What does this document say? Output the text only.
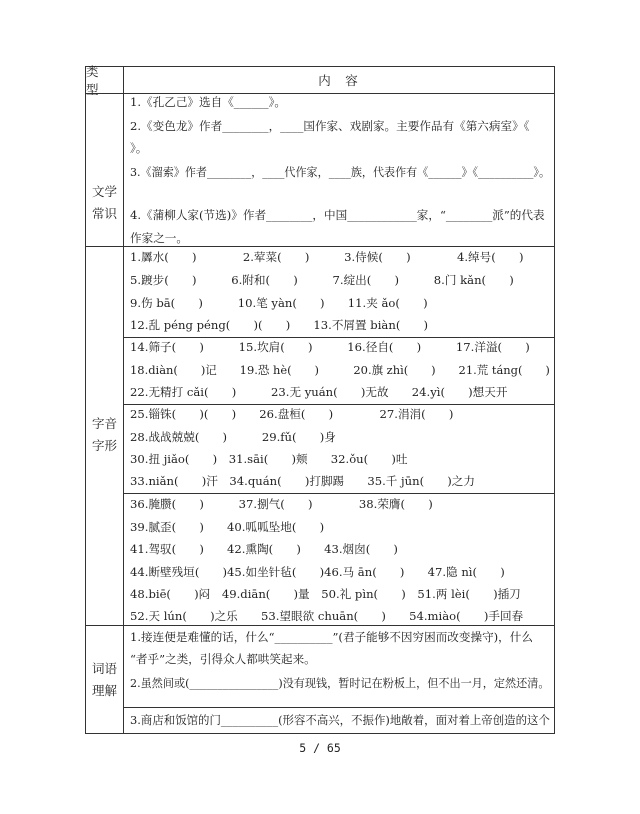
类　型
内　容
文学常识
1.《孔乙己》选自《______》。
2.《变色龙》作者________，____国作家、戏剧家。主要作品有《第六病室》《
》。
3.《溜索》作者________，____代作家，____族，代表作有《______》《__________》。
4.《蒲柳人家(节选)》作者________，中国____________家，“________派”的代表
作家之一。
字音字形
1.羼水(　　)　　　　2.荤菜(　　)　　　3.侍候(　　)　　　　4.绰号(　　)
5.踱步(　　)　　　6.附和(　　)　　　7.绽出(　　)　　　8.门 kǎn(　　)
9.伤 bā(　　)　　　10.笔 yàn(　　)　　11.夹 ǎo(　　)
12.乱 péng péng(　　)(　　)　　13.不屑置 biàn(　　)
14.筛子(　　)　　　15.坎肩(　　)　　　16.径自(　　)　　　17.洋溢(　　)
18.diàn(　　)记　　19.恐 hè(　　)　　　20.旗 zhì(　　)　　21.荒 táng(　　)
22.无精打 cǎi(　　)　　　23.无 yuán(　　)无故　　24.yì(　　)想天开
25.锱铢(　　)(　　)　　26.盘桓(　　)　　　　27.涓涓(　　)
28.战战兢兢(　　)　　　29.fǔ(　　)身
30.扭 jiǎo(　　)　31.sāi(　　)颊　　32.ǒu(　　)吐
33.niǎn(　　)汗　34.quán(　　)打脚踢　　35.千 jūn(　　)之力
36.腌臜(　　)　　　37.捌气(　　)　　　　38.荣膺(　　)
39.腻歪(　　)　　40.呱呱坠地(　　)
41.驾驭(　　)　　42.熏陶(　　)　　43.烟囱(　　)
44.断壁残垣(　　)45.如坐针毡(　　)46.马 ān(　　)　　47.隐 nì(　　)
48.biē(　　)闷　49.diān(　　)量　50.礼 pìn(　　)　51.两 lèi(　　)插刀
52.天 lún(　　)之乐　　53.望眼欲 chuān(　　)　　54.miào(　　)手回春
词语理解
1.接连便是难懂的话，什么“__________”(君子能够不因穷困而改变操守)，什么
“者乎”之类，引得众人都哄笑起来。
2.虽然间或(________________)没有现钱，暂时记在粉板上，但不出一月，定然还清。
3.商店和饭馆的门__________(形容不高兴，不振作)地敞着，面对着上帝创造的这个
5 / 65
